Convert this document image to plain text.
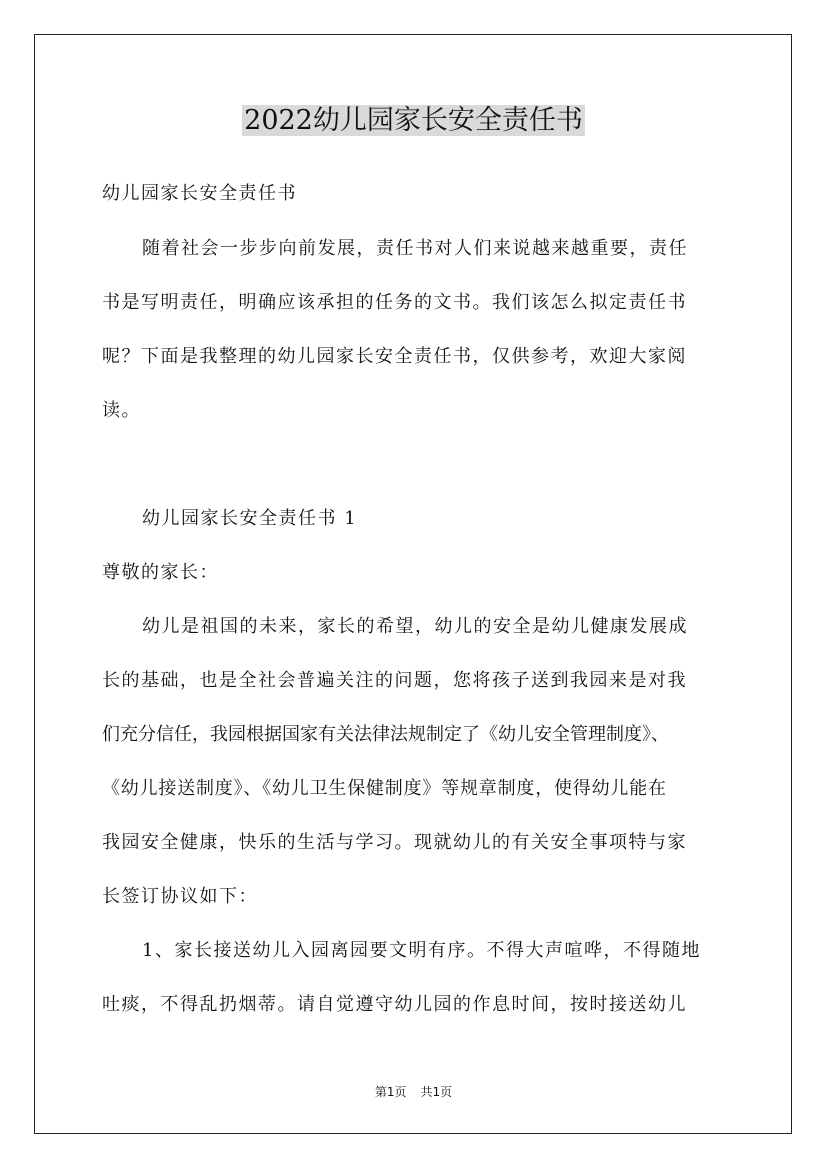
2022幼儿园家长安全责任书
幼儿园家长安全责任书
随着社会一步步向前发展，责任书对人们来说越来越重要，责任
书是写明责任，明确应该承担的任务的文书。我们该怎么拟定责任书
呢？下面是我整理的幼儿园家长安全责任书，仅供参考，欢迎大家阅
读。
幼儿园家长安全责任书 1
尊敬的家长：
幼儿是祖国的未来，家长的希望，幼儿的安全是幼儿健康发展成
长的基础，也是全社会普遍关注的问题，您将孩子送到我园来是对我
们充分信任，我园根据国家有关法律法规制定了《幼儿安全管理制度》、
《幼儿接送制度》、《幼儿卫生保健制度》等规章制度，使得幼儿能在
我园安全健康，快乐的生活与学习。现就幼儿的有关安全事项特与家
长签订协议如下：
1、家长接送幼儿入园离园要文明有序。不得大声喧哗，不得随地
吐痰，不得乱扔烟蒂。请自觉遵守幼儿园的作息时间，按时接送幼儿
第1页 共1页
